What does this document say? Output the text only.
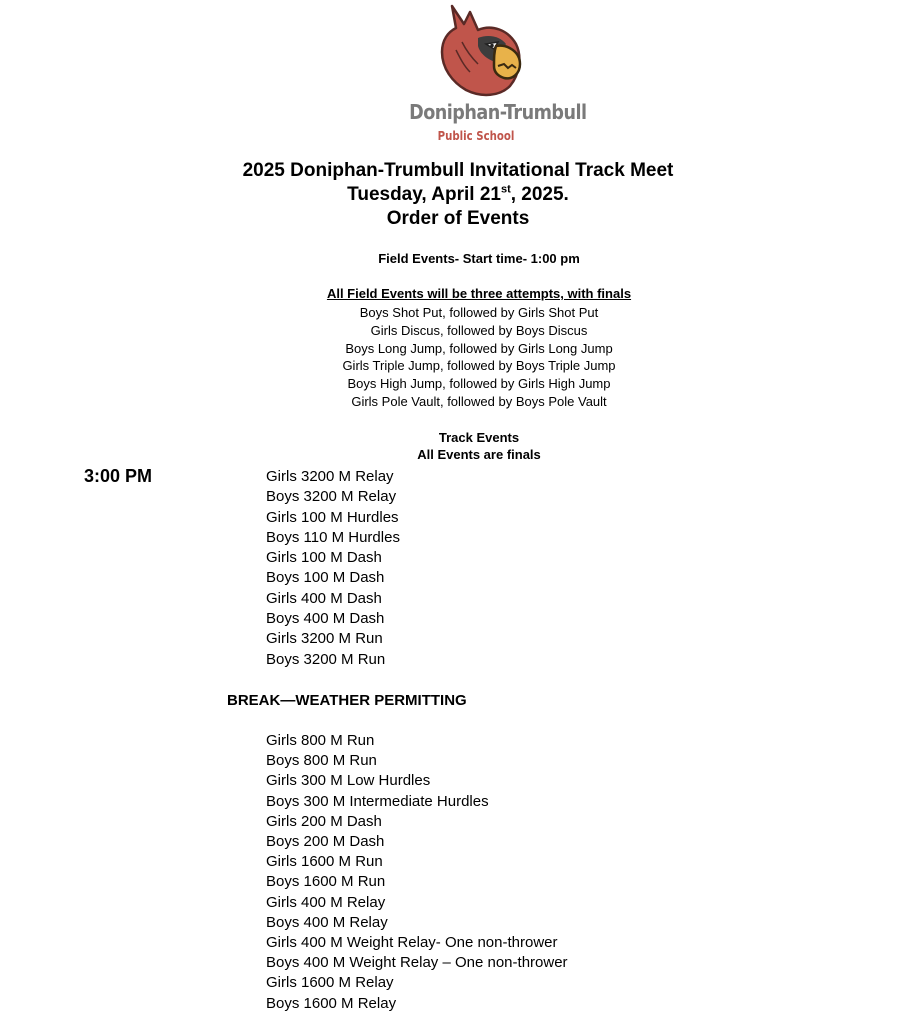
Doniphan-Trumbull
Public School
2025 Doniphan-Trumbull Invitational Track Meet
Tuesday, April 21st, 2025.
Order of Events
Field Events- Start time- 1:00 pm
All Field Events will be three attempts, with finals
Boys Shot Put, followed by Girls Shot Put
Girls Discus, followed by Boys Discus
Boys Long Jump, followed by Girls Long Jump
Girls Triple Jump, followed by Boys Triple Jump
Boys High Jump, followed by Girls High Jump
Girls Pole Vault, followed by Boys Pole Vault
Track Events
All Events are finals
3:00 PM	Girls 3200 M Relay
Boys 3200 M Relay
Girls 100 M Hurdles
Boys 110 M Hurdles
Girls 100 M Dash
Boys 100 M Dash
Girls 400 M Dash
Boys 400 M Dash
Girls 3200 M Run
Boys 3200 M Run
BREAK—WEATHER PERMITTING
Girls 800 M Run
Boys 800 M Run
Girls 300 M Low Hurdles
Boys 300 M Intermediate Hurdles
Girls 200 M Dash
Boys 200 M Dash
Girls 1600 M Run
Boys 1600 M Run
Girls 400 M Relay
Boys 400 M Relay
Girls 400 M Weight Relay- One non-thrower
Boys 400 M Weight Relay – One non-thrower
Girls 1600 M Relay
Boys 1600 M Relay
